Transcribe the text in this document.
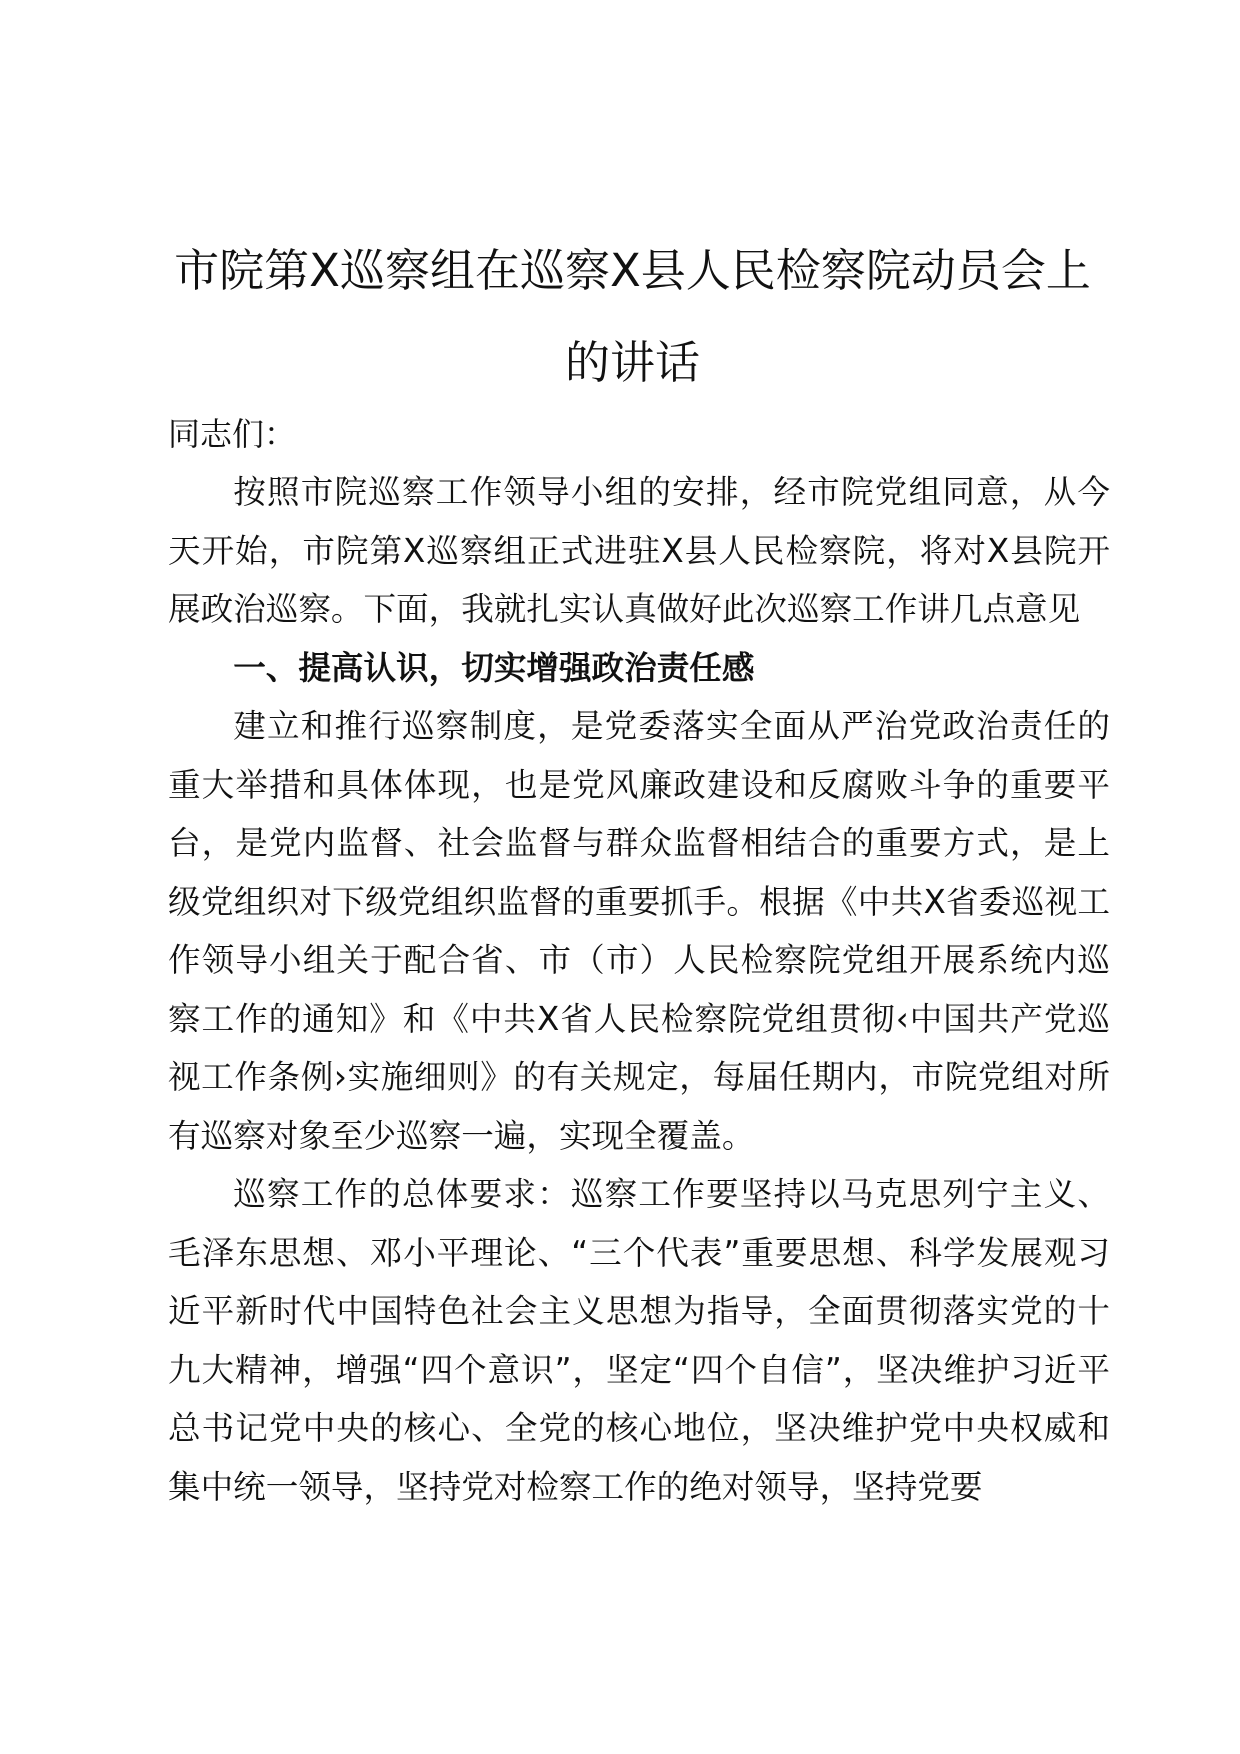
市院第X巡察组在巡察X县人民检察院动员会上的讲话

同志们：

按照市院巡察工作领导小组的安排，经市院党组同意，从今天开始，市院第X巡察组正式进驻X县人民检察院，将对X县院开展政治巡察。下面，我就扎实认真做好此次巡察工作讲几点意见

一、提高认识，切实增强政治责任感

建立和推行巡察制度，是党委落实全面从严治党政治责任的重大举措和具体体现，也是党风廉政建设和反腐败斗争的重要平台，是党内监督、社会监督与群众监督相结合的重要方式，是上级党组织对下级党组织监督的重要抓手。根据《中共X省委巡视工作领导小组关于配合省、市（市）人民检察院党组开展系统内巡察工作的通知》和《中共X省人民检察院党组贯彻‹中国共产党巡视工作条例›实施细则》的有关规定，每届任期内，市院党组对所有巡察对象至少巡察一遍，实现全覆盖。

巡察工作的总体要求：巡察工作要坚持以马克思列宁主义、毛泽东思想、邓小平理论、“三个代表”重要思想、科学发展观习近平新时代中国特色社会主义思想为指导，全面贯彻落实党的十九大精神，增强“四个意识”，坚定“四个自信”，坚决维护习近平总书记党中央的核心、全党的核心地位，坚决维护党中央权威和集中统一领导，坚持党对检察工作的绝对领导，坚持党要
